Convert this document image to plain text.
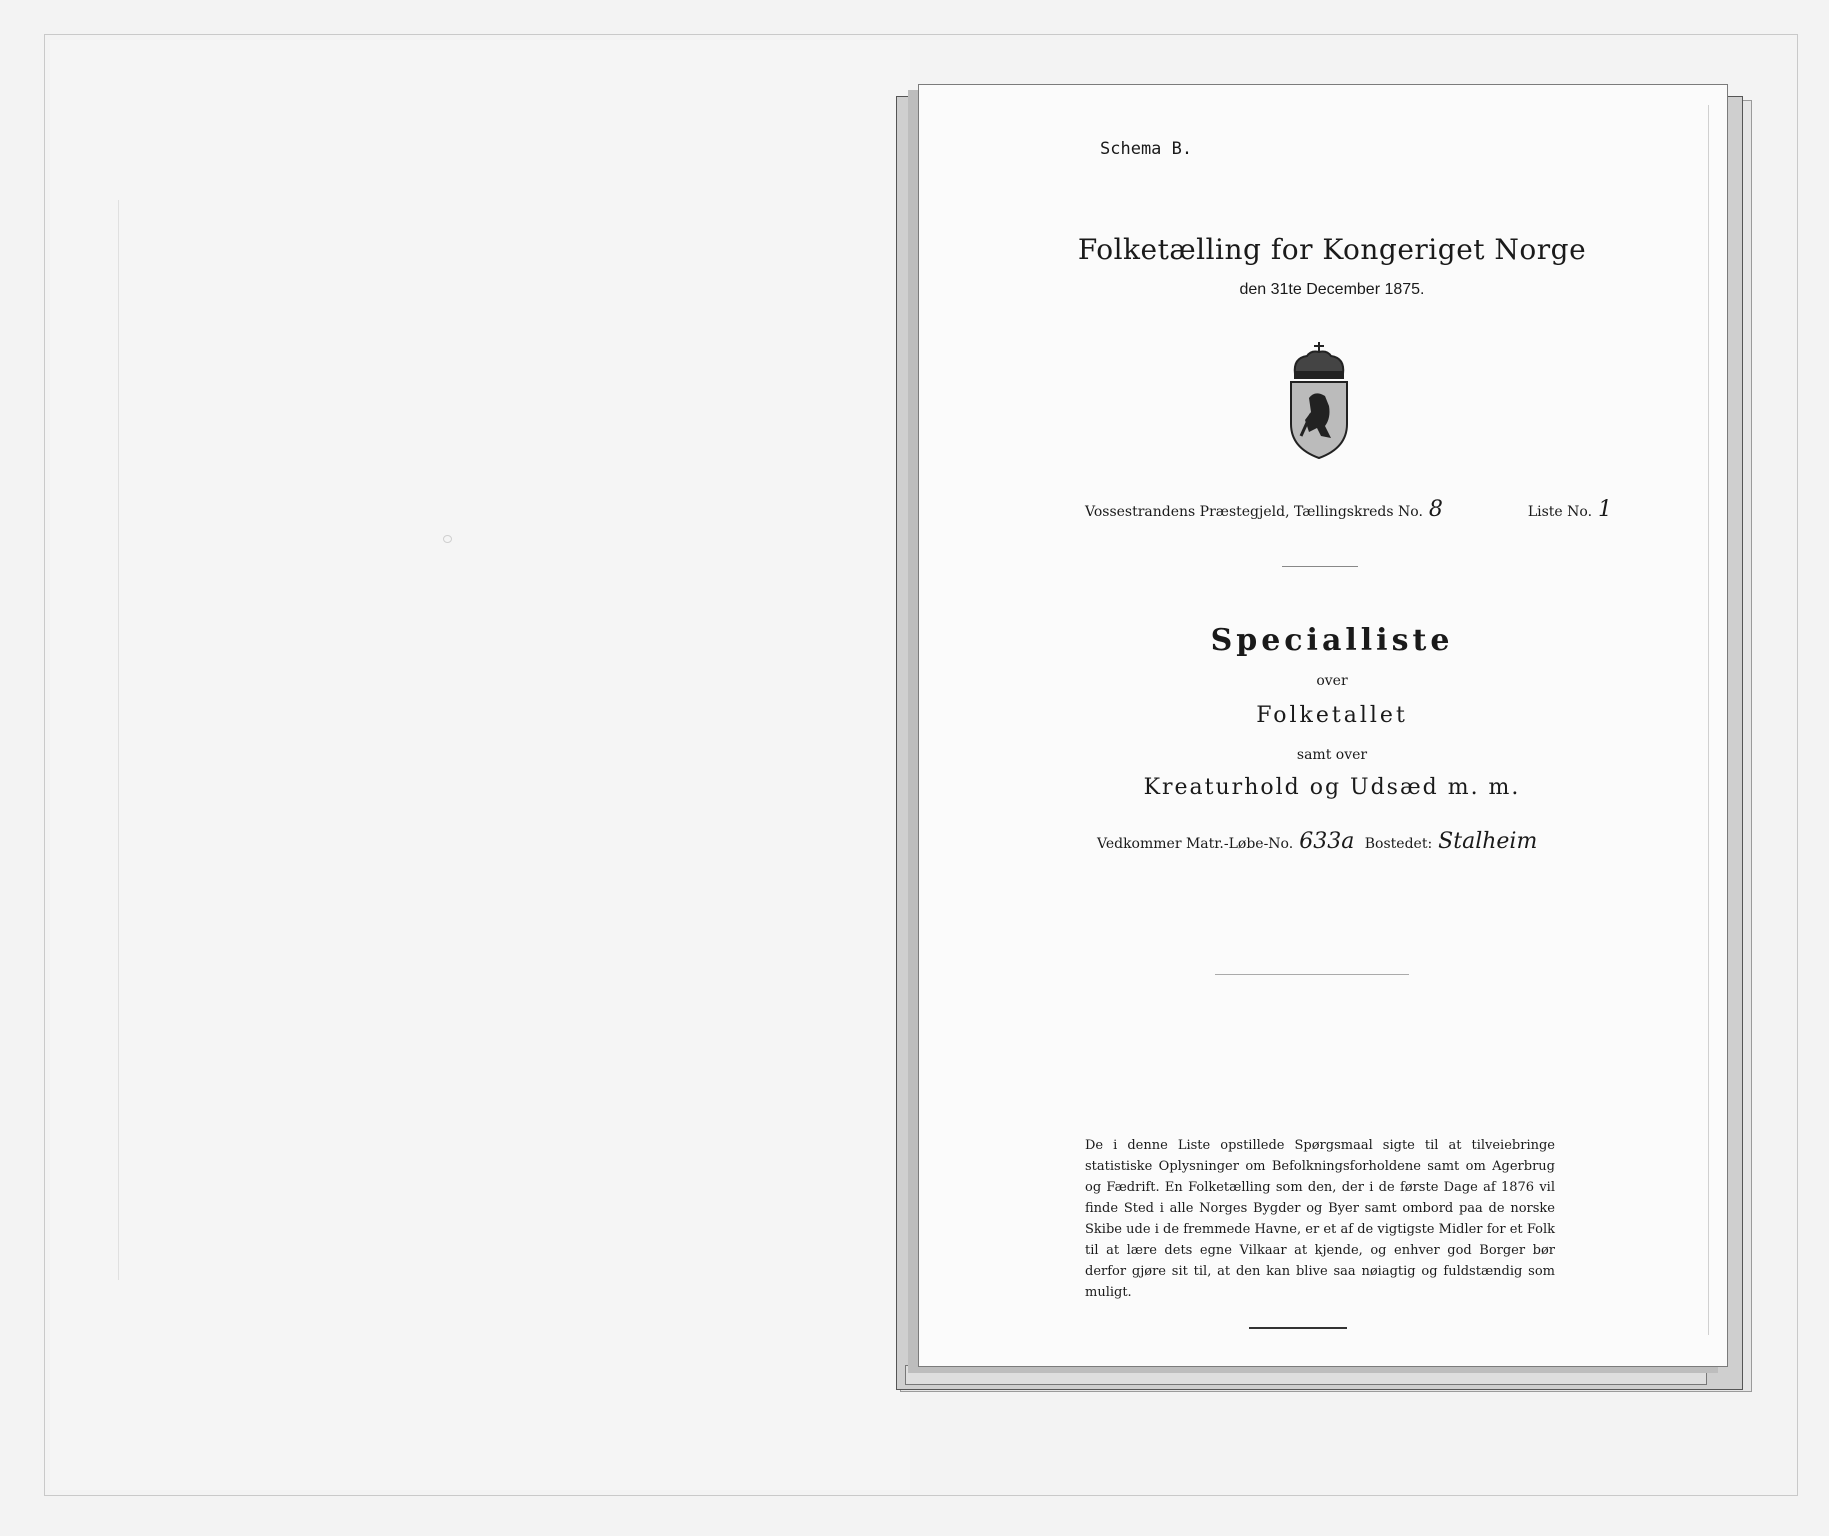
Schema B.
Folketælling for Kongeriget Norge
den 31te December 1875.
Vossestrandens Præstegjeld, Tællingskreds No. 8	Liste No. 1
Specialliste
over
Folketallet
samt over
Kreaturhold og Udsæd m. m.
Vedkommer Matr.-Løbe-No. 633a Bostedet: Stalheim
De i denne Liste opstillede Spørgsmaal sigte til at tilveiebringe statistiske Oplysninger om Befolkningsforholdene samt om Agerbrug og Fædrift. En Folketælling som den, der i de første Dage af 1876 vil finde Sted i alle Norges Bygder og Byer samt ombord paa de norske Skibe ude i de fremmede Havne, er et af de vigtigste Midler for et Folk til at lære dets egne Vilkaar at kjende, og enhver god Borger bør derfor gjøre sit til, at den kan blive saa nøiagtig og fuldstændig som muligt.
